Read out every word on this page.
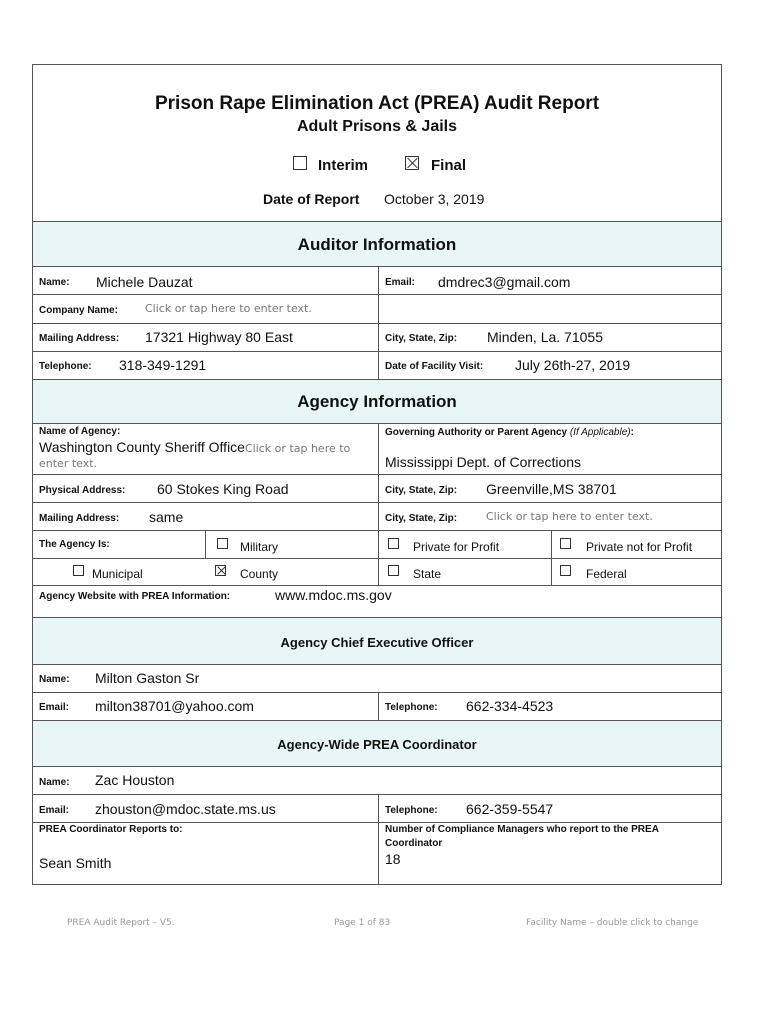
Prison Rape Elimination Act (PREA) Audit Report
Adult Prisons & Jails
Interim	Final
Date of Report October 3, 2019
Auditor Information
Name: Michele Dauzat	Email: dmdrec3@gmail.com
Company Name: Click or tap here to enter text.
Mailing Address: 17321 Highway 80 East	City, State, Zip: Minden, La. 71055
Telephone: 318-349-1291	Date of Facility Visit: July 26th-27, 2019
Agency Information
Name of Agency:
Washington County Sheriff OfficeClick or tap here to
enter text.
Governing Authority or Parent Agency (If Applicable):
Mississippi Dept. of Corrections
Physical Address: 60 Stokes King Road	City, State, Zip: Greenville,MS 38701
Mailing Address: same	City, State, Zip:	Click or tap here to enter text.
The Agency Is:	Military	Private for Profit	Private not for Profit
Municipal	County	State	Federal
Agency Website with PREA Information:	www.mdoc.ms.gov
Agency Chief Executive Officer
Name: Milton Gaston Sr
Email: milton38701@yahoo.com	Telephone: 662-334-4523
Agency-Wide PREA Coordinator
Name: Zac Houston
Email: zhouston@mdoc.state.ms.us	Telephone: 662-359-5547
PREA Coordinator Reports to:
Sean Smith
Number of Compliance Managers who report to the PREA
Coordinator
18
PREA Audit Report – V5.	Page 1 of 83	Facility Name – double click to change
